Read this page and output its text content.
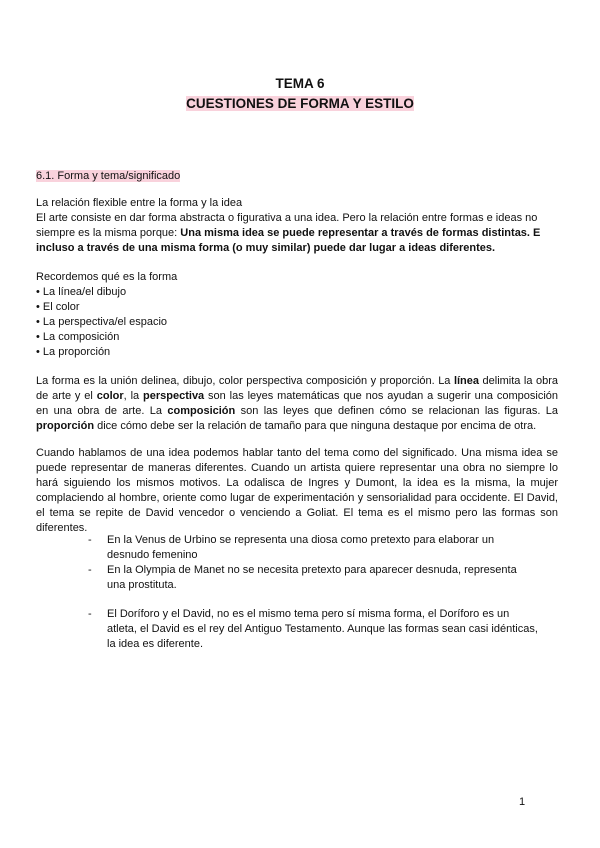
TEMA 6
CUESTIONES DE FORMA Y ESTILO
6.1. Forma y tema/significado
La relación flexible entre la forma y la idea
El arte consiste en dar forma abstracta o figurativa a una idea. Pero la relación entre formas e ideas no siempre es la misma porque: Una misma idea se puede representar a través de formas distintas. E incluso a través de una misma forma (o muy similar) puede dar lugar a ideas diferentes.
Recordemos qué es la forma
• La línea/el dibujo
• El color
• La perspectiva/el espacio
• La composición
• La proporción
La forma es la unión delinea, dibujo, color perspectiva composición y proporción. La línea delimita la obra de arte y el color, la perspectiva son las leyes matemáticas que nos ayudan a sugerir una composición en una obra de arte. La composición son las leyes que definen cómo se relacionan las figuras. La proporción dice cómo debe ser la relación de tamaño para que ninguna destaque por encima de otra.
Cuando hablamos de una idea podemos hablar tanto del tema como del significado. Una misma idea se puede representar de maneras diferentes. Cuando un artista quiere representar una obra no siempre lo hará siguiendo los mismos motivos. La odalisca de Ingres y Dumont, la idea es la misma, la mujer complaciendo al hombre, oriente como lugar de experimentación y sensorialidad para occidente. El David, el tema se repite de David vencedor o venciendo a Goliat. El tema es el mismo pero las formas son diferentes.
- En la Venus de Urbino se representa una diosa como pretexto para elaborar un desnudo femenino
- En la Olympia de Manet no se necesita pretexto para aparecer desnuda, representa una prostituta.
- El Doríforo y el David, no es el mismo tema pero sí misma forma, el Doríforo es un atleta, el David es el rey del Antiguo Testamento. Aunque las formas sean casi idénticas, la idea es diferente.
1
